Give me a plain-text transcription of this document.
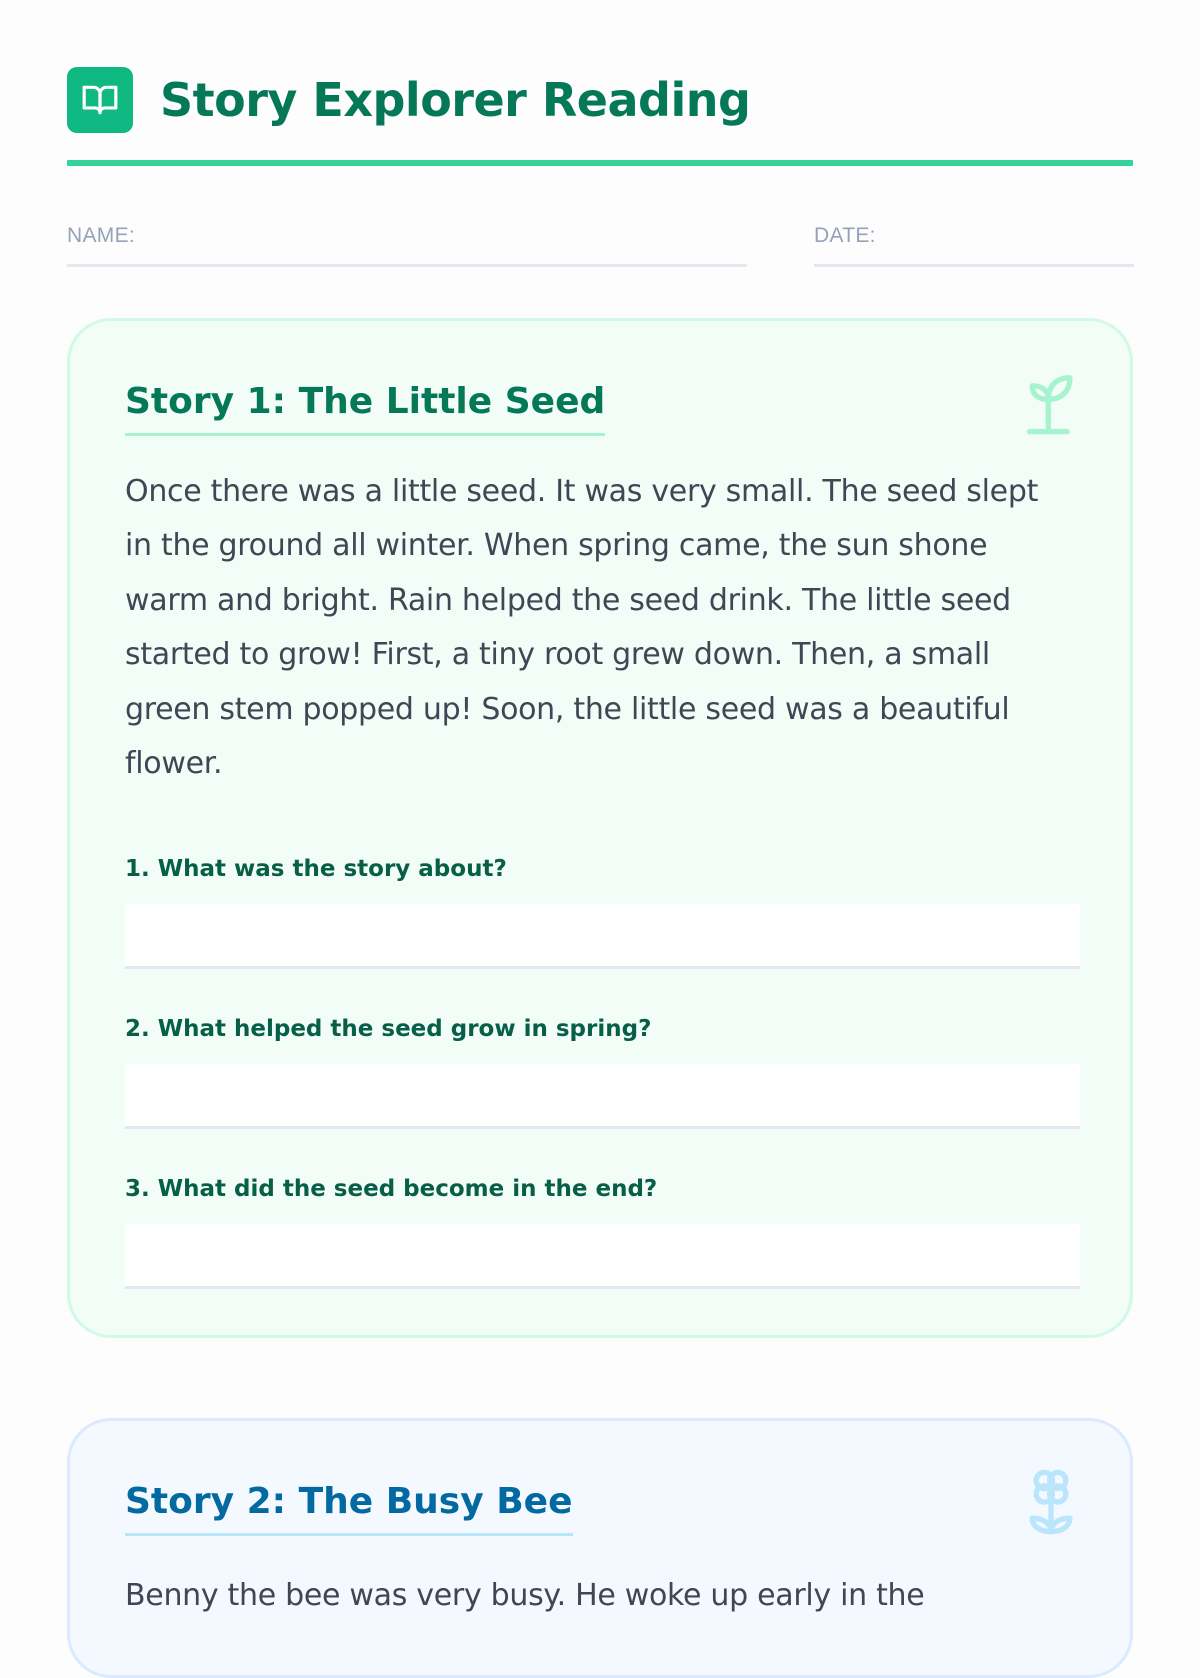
Story Explorer Reading
NAME:	DATE:
Story 1: The Little Seed

Once there was a little seed. It was very small. The seed slept in the ground all winter. When spring came, the sun shone warm and bright. Rain helped the seed drink. The little seed started to grow! First, a tiny root grew down. Then, a small green stem popped up! Soon, the little seed was a beautiful flower.

1. What was the story about?
2. What helped the seed grow in spring?
3. What did the seed become in the end?
Story 2: The Busy Bee

Benny the bee was very busy. He woke up early in the
